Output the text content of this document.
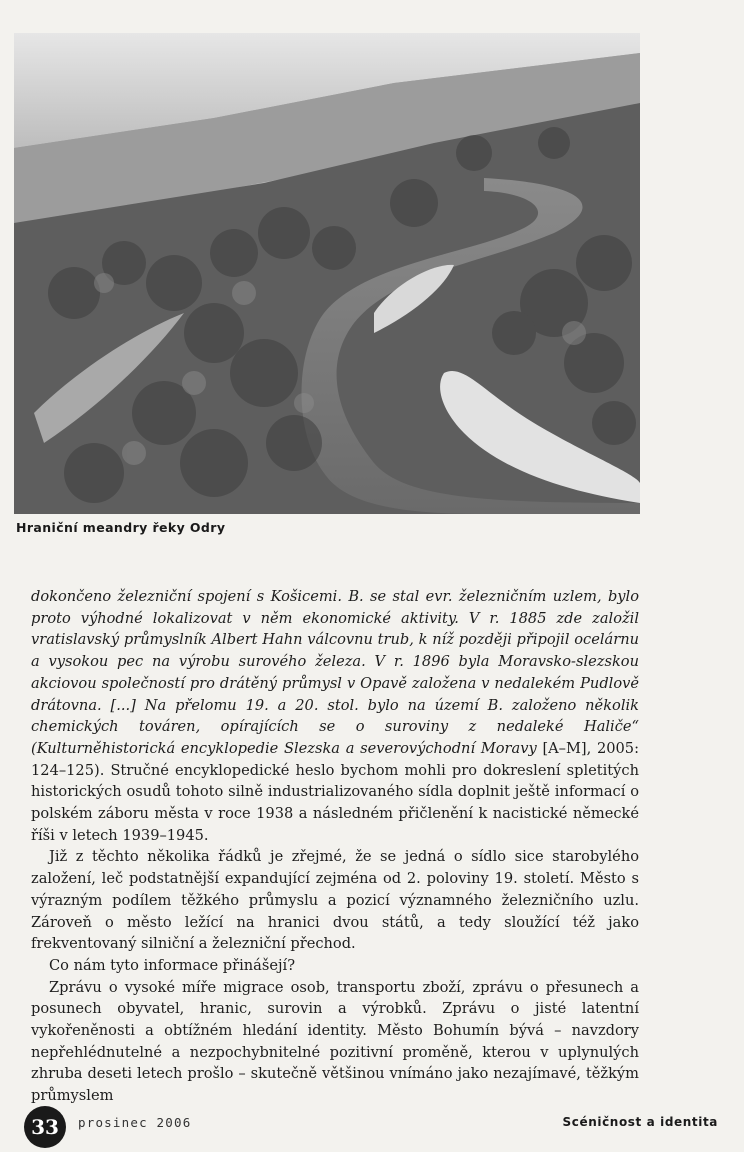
Hraniční meandry řeky Odry

dokončeno železniční spojení s Košicemi. B. se stal evr. železničním uzlem, bylo proto výhodné lokalizovat v něm ekonomické aktivity. V r. 1885 zde založil vratislavský průmyslník Albert Hahn válcovnu trub, k níž později připojil ocelárnu a vysokou pec na výrobu surového železa. V r. 1896 byla Moravsko-slezskou akciovou společností pro drátěný průmysl v Opavě založena v nedalekém Pudlově drátovna. [...] Na přelomu 19. a 20. stol. bylo na území B. založeno několik chemických továren, opírajících se o suroviny z nedaleké Haliče“ (Kulturněhistorická encyklopedie Slezska a severovýchodní Moravy [A–M], 2005: 124–125). Stručné encyklopedické heslo bychom mohli pro dokreslení spletitých historických osudů tohoto silně industrializovaného sídla doplnit ještě informací o polském záboru města v roce 1938 a následném přičlenění k nacistické německé říši v letech 1939–1945.

Již z těchto několika řádků je zřejmé, že se jedná o sídlo sice starobylého založení, leč podstatnější expandující zejména od 2. poloviny 19. století. Město s výrazným podílem těžkého průmyslu a pozicí významného železničního uzlu. Zároveň o město ležící na hranici dvou států, a tedy sloužící též jako frekventovaný silniční a železniční přechod.

Co nám tyto informace přinášejí?

Zprávu o vysoké míře migrace osob, transportu zboží, zprávu o přesunech a posunech obyvatel, hranic, surovin a výrobků. Zprávu o jisté latentní vykořeněnosti a obtížném hledání identity. Město Bohumín bývá – navzdory nepřehlédnutelné a nezpochybnitelné pozitivní proměně, kterou v uplynulých zhruba deseti letech prošlo – skutečně většinou vnímáno jako nezajímavé, těžkým průmyslem

33	prosinec 2006	Scéničnost a identita
